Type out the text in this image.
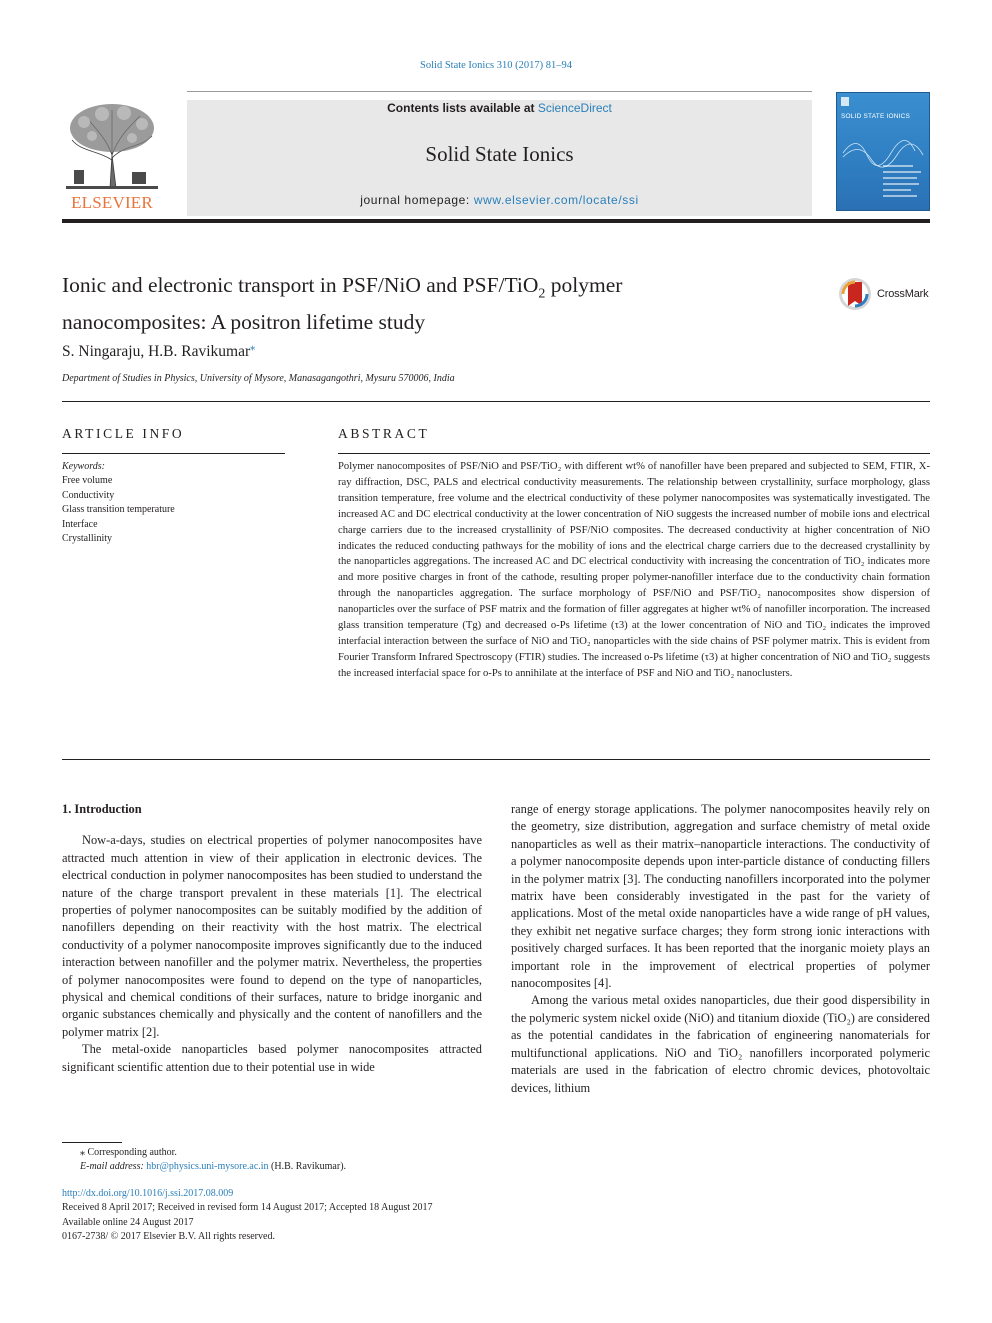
Solid State Ionics 310 (2017) 81–94
ELSEVIER
Contents lists available at ScienceDirect
Solid State Ionics
journal homepage: www.elsevier.com/locate/ssi
SOLID STATE IONICS
Ionic and electronic transport in PSF/NiO and PSF/TiO$_2$ polymer
nanocomposites: A positron lifetime study
CrossMark
S. Ningaraju, H.B. Ravikumar⁎
Department of Studies in Physics, University of Mysore, Manasagangothri, Mysuru 570006, India
ARTICLE INFO
Keywords:
Free volume
Conductivity
Glass transition temperature
Interface
Crystallinity
ABSTRACT
Polymer nanocomposites of PSF/NiO and PSF/TiO₂ with different wt% of nanofiller have been prepared and subjected to SEM, FTIR, X-ray diffraction, DSC, PALS and electrical conductivity measurements. The relationship between crystallinity, surface morphology, glass transition temperature, free volume and the electrical conductivity of these polymer nanocomposites was systematically investigated. The increased AC and DC electrical conductivity at the lower concentration of NiO suggests the increased number of mobile ions and electrical charge carriers due to the increased crystallinity of PSF/NiO composites. The decreased conductivity at higher concentration of NiO indicates the reduced conducting pathways for the mobility of ions and the electrical charge carriers due to the decreased crystallinity by the nanoparticles aggregations. The increased AC and DC electrical conductivity with increasing the concentration of TiO₂ indicates more and more positive charges in front of the cathode, resulting proper polymer-nanofiller interface due to the conductivity chain formation through the nanoparticles aggregation. The surface morphology of PSF/NiO and PSF/TiO₂ nanocomposites show dispersion of nanoparticles over the surface of PSF matrix and the formation of filler aggregates at higher wt% of nanofiller incorporation. The increased glass transition temperature (Tg) and decreased o-Ps lifetime (τ3) at the lower concentration of NiO and TiO₂ indicates the improved interfacial interaction between the surface of NiO and TiO₂ nanoparticles with the side chains of PSF polymer matrix. This is evident from Fourier Transform Infrared Spectroscopy (FTIR) studies. The increased o-Ps lifetime (τ3) at higher concentration of NiO and TiO₂ suggests the increased interfacial space for o-Ps to annihilate at the interface of PSF and NiO and TiO₂ nanoclusters.
1. Introduction

Now-a-days, studies on electrical properties of polymer nanocomposites have attracted much attention in view of their application in electronic devices. The electrical conduction in polymer nanocomposites has been studied to understand the nature of the charge transport prevalent in these materials [1]. The electrical properties of polymer nanocomposites can be suitably modified by the addition of nanofillers depending on their reactivity with the host matrix. The electrical conductivity of a polymer nanocomposite improves significantly due to the induced interaction between nanofiller and the polymer matrix. Nevertheless, the properties of polymer nanocomposites were found to depend on the type of nanoparticles, physical and chemical conditions of their surfaces, nature to bridge inorganic and organic substances chemically and physically and the content of nanofillers and the polymer matrix [2].

The metal-oxide nanoparticles based polymer nanocomposites attracted significant scientific attention due to their potential use in wide

range of energy storage applications. The polymer nanocomposites heavily rely on the geometry, size distribution, aggregation and surface chemistry of metal oxide nanoparticles as well as their matrix–nanoparticle interactions. The conductivity of a polymer nanocomposite depends upon inter-particle distance of conducting fillers in the polymer matrix [3]. The conducting nanofillers incorporated into the polymer matrix have been considerably investigated in the past for the variety of applications. Most of the metal oxide nanoparticles have a wide range of pH values, they exhibit net negative surface charges; they form strong ionic interactions with positively charged surfaces. It has been reported that the inorganic moiety plays an important role in the improvement of electrical properties of polymer nanocomposites [4].

Among the various metal oxides nanoparticles, due their good dispersibility in the polymeric system nickel oxide (NiO) and titanium dioxide (TiO₂) are considered as the potential candidates in the fabrication of engineering nanomaterials for multifunctional applications. NiO and TiO₂ nanofillers incorporated polymeric materials are used in the fabrication of electro chromic devices, photovoltaic devices, lithium

⁎ Corresponding author.
E-mail address: hbr@physics.uni-mysore.ac.in (H.B. Ravikumar).
http://dx.doi.org/10.1016/j.ssi.2017.08.009
Received 8 April 2017; Received in revised form 14 August 2017; Accepted 18 August 2017
Available online 24 August 2017
0167-2738/ © 2017 Elsevier B.V. All rights reserved.
